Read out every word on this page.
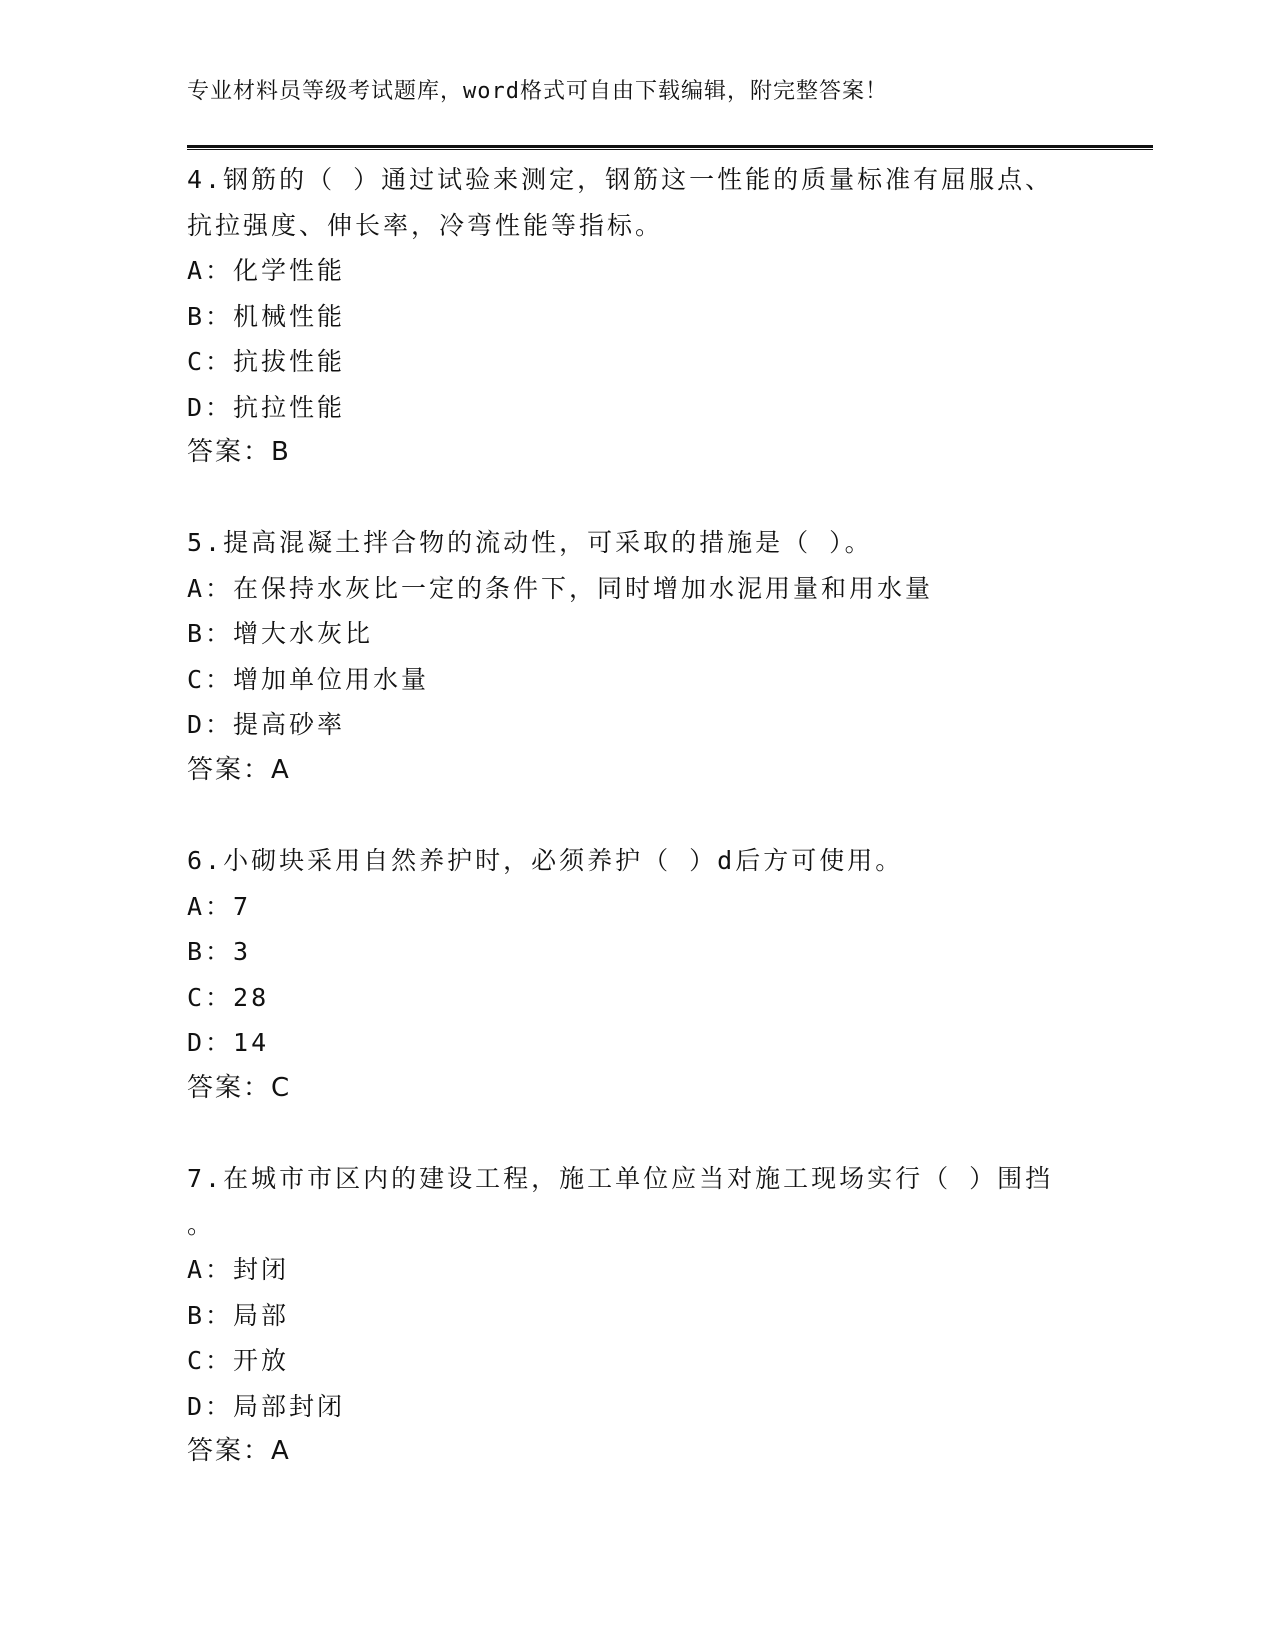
专业材料员等级考试题库，word格式可自由下载编辑，附完整答案！
4.钢筋的（ ）通过试验来测定，钢筋这一性能的质量标准有屈服点、
抗拉强度、伸长率，冷弯性能等指标。
A：化学性能
B：机械性能
C：抗拔性能
D：抗拉性能
答案：B
5.提高混凝土拌合物的流动性，可采取的措施是（ ）。
A：在保持水灰比一定的条件下，同时增加水泥用量和用水量
B：增大水灰比
C：增加单位用水量
D：提高砂率
答案：A
6.小砌块采用自然养护时，必须养护（ ）d后方可使用。
A：7
B：3
C：28
D：14
答案：C
7.在城市市区内的建设工程，施工单位应当对施工现场实行（ ）围挡
。
A：封闭
B：局部
C：开放
D：局部封闭
答案：A
